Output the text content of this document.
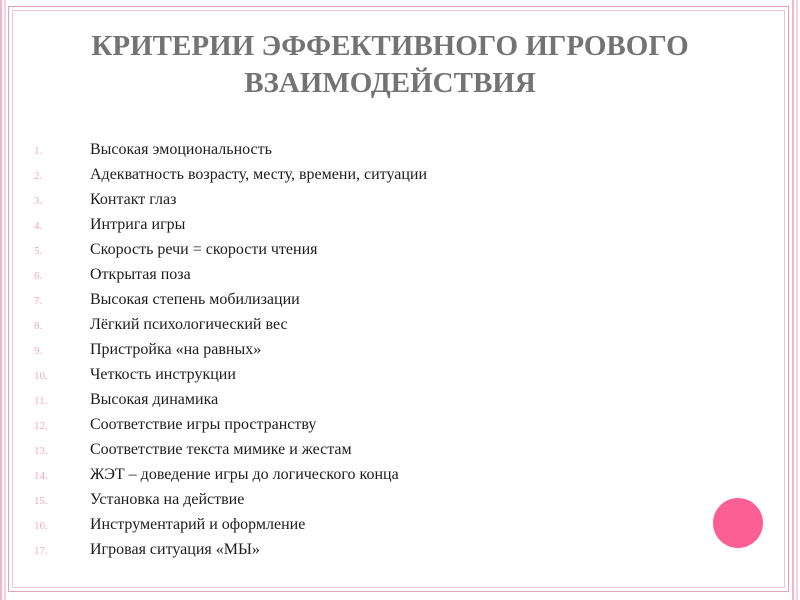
КРИТЕРИИ ЭФФЕКТИВНОГО ИГРОВОГО
ВЗАИМОДЕЙСТВИЯ
1.	Высокая эмоциональность
2.	Адекватность возрасту, месту, времени, ситуации
3.	Контакт глаз
4.	Интрига игры
5.	Скорость речи = скорости чтения
6.	Открытая поза
7.	Высокая степень мобилизации
8.	Лёгкий психологический вес
9.	Пристройка «на равных»
10.	Четкость инструкции
11.	Высокая динамика
12.	Соответствие игры пространству
13.	Соответствие текста мимике и жестам
14.	ЖЭТ – доведение игры до логического конца
15.	Установка на действие
16.	Инструментарий и оформление
17.	Игровая ситуация «МЫ»
